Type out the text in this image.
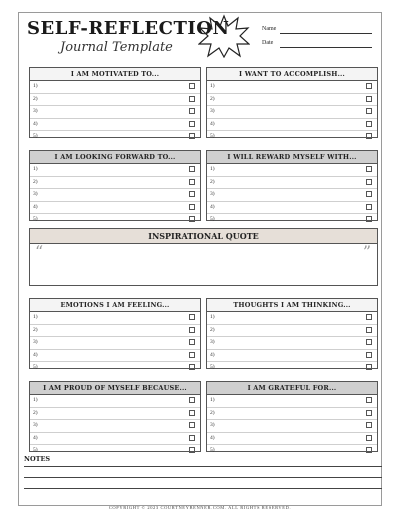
SELF-REFLECTION
Journal Template
Name
Date
I AM MOTIVATED TO...
1)
2)
3)
4)
5)
I WANT TO ACCOMPLISH...
1)
2)
3)
4)
5)
I AM LOOKING FORWARD TO...
1)
2)
3)
4)
5)
I WILL REWARD MYSELF WITH...
1)
2)
3)
4)
5)
INSPIRATIONAL QUOTE
“	”
EMOTIONS I AM FEELING...
1)
2)
3)
4)
5)
THOUGHTS I AM THINKING...
1)
2)
3)
4)
5)
I AM PROUD OF MYSELF BECAUSE...
1)
2)
3)
4)
5)
I AM GRATEFUL FOR...
1)
2)
3)
4)
5)
NOTES
COPYRIGHT © 2023 COURTNEYBENNER.COM. ALL RIGHTS RESERVED.
